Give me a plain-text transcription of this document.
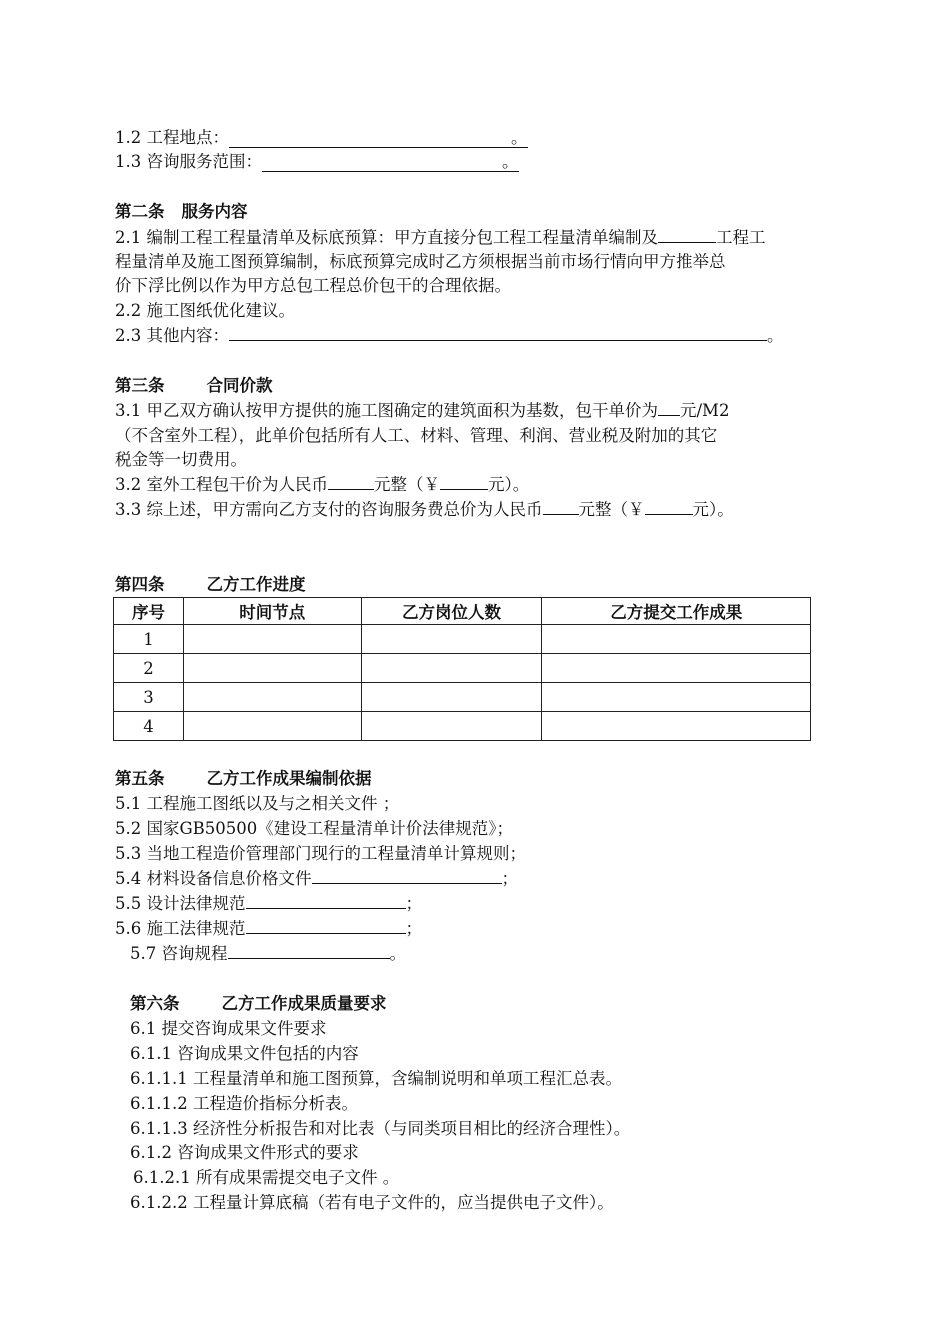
1.2 工程地点：	。
1.3 咨询服务范围：	。
第二条 服务内容
2.1 编制工程工程量清单及标底预算：甲方直接分包工程工程量清单编制及	工程工
程量清单及施工图预算编制，标底预算完成时乙方须根据当前市场行情向甲方推举总
价下浮比例以作为甲方总包工程总价包干的合理依据。
2.2 施工图纸优化建议。
2.3 其他内容：	。
第三条	合同价款
3.1 甲乙双方确认按甲方提供的施工图确定的建筑面积为基数，包干单价为 元/M2
（不含室外工程），此单价包括所有人工、材料、管理、利润、营业税及附加的其它
税金等一切费用。
3.2 室外工程包干价为人民币	元整（￥	元）。
3.3 综上述，甲方需向乙方支付的咨询服务费总价为人民币 元整（￥	元）。
第四条	乙方工作进度
序号	时间节点	乙方岗位人数	乙方提交工作成果
1			
2			
3			
4			
第五条	乙方工作成果编制依据
5.1 工程施工图纸以及与之相关文件 ；
5.2 国家GB50500《建设工程量清单计价法律规范》；
5.3 当地工程造价管理部门现行的工程量清单计算规则；
5.4 材料设备信息价格文件	；
5.5 设计法律规范	；
5.6 施工法律规范	；
5.7 咨询规程	。
第六条	乙方工作成果质量要求
6.1 提交咨询成果文件要求
6.1.1 咨询成果文件包括的内容
6.1.1.1 工程量清单和施工图预算，含编制说明和单项工程汇总表。
6.1.1.2 工程造价指标分析表。
6.1.1.3 经济性分析报告和对比表（与同类项目相比的经济合理性）。
6.1.2 咨询成果文件形式的要求
6.1.2.1 所有成果需提交电子文件 。
6.1.2.2 工程量计算底稿（若有电子文件的，应当提供电子文件）。
